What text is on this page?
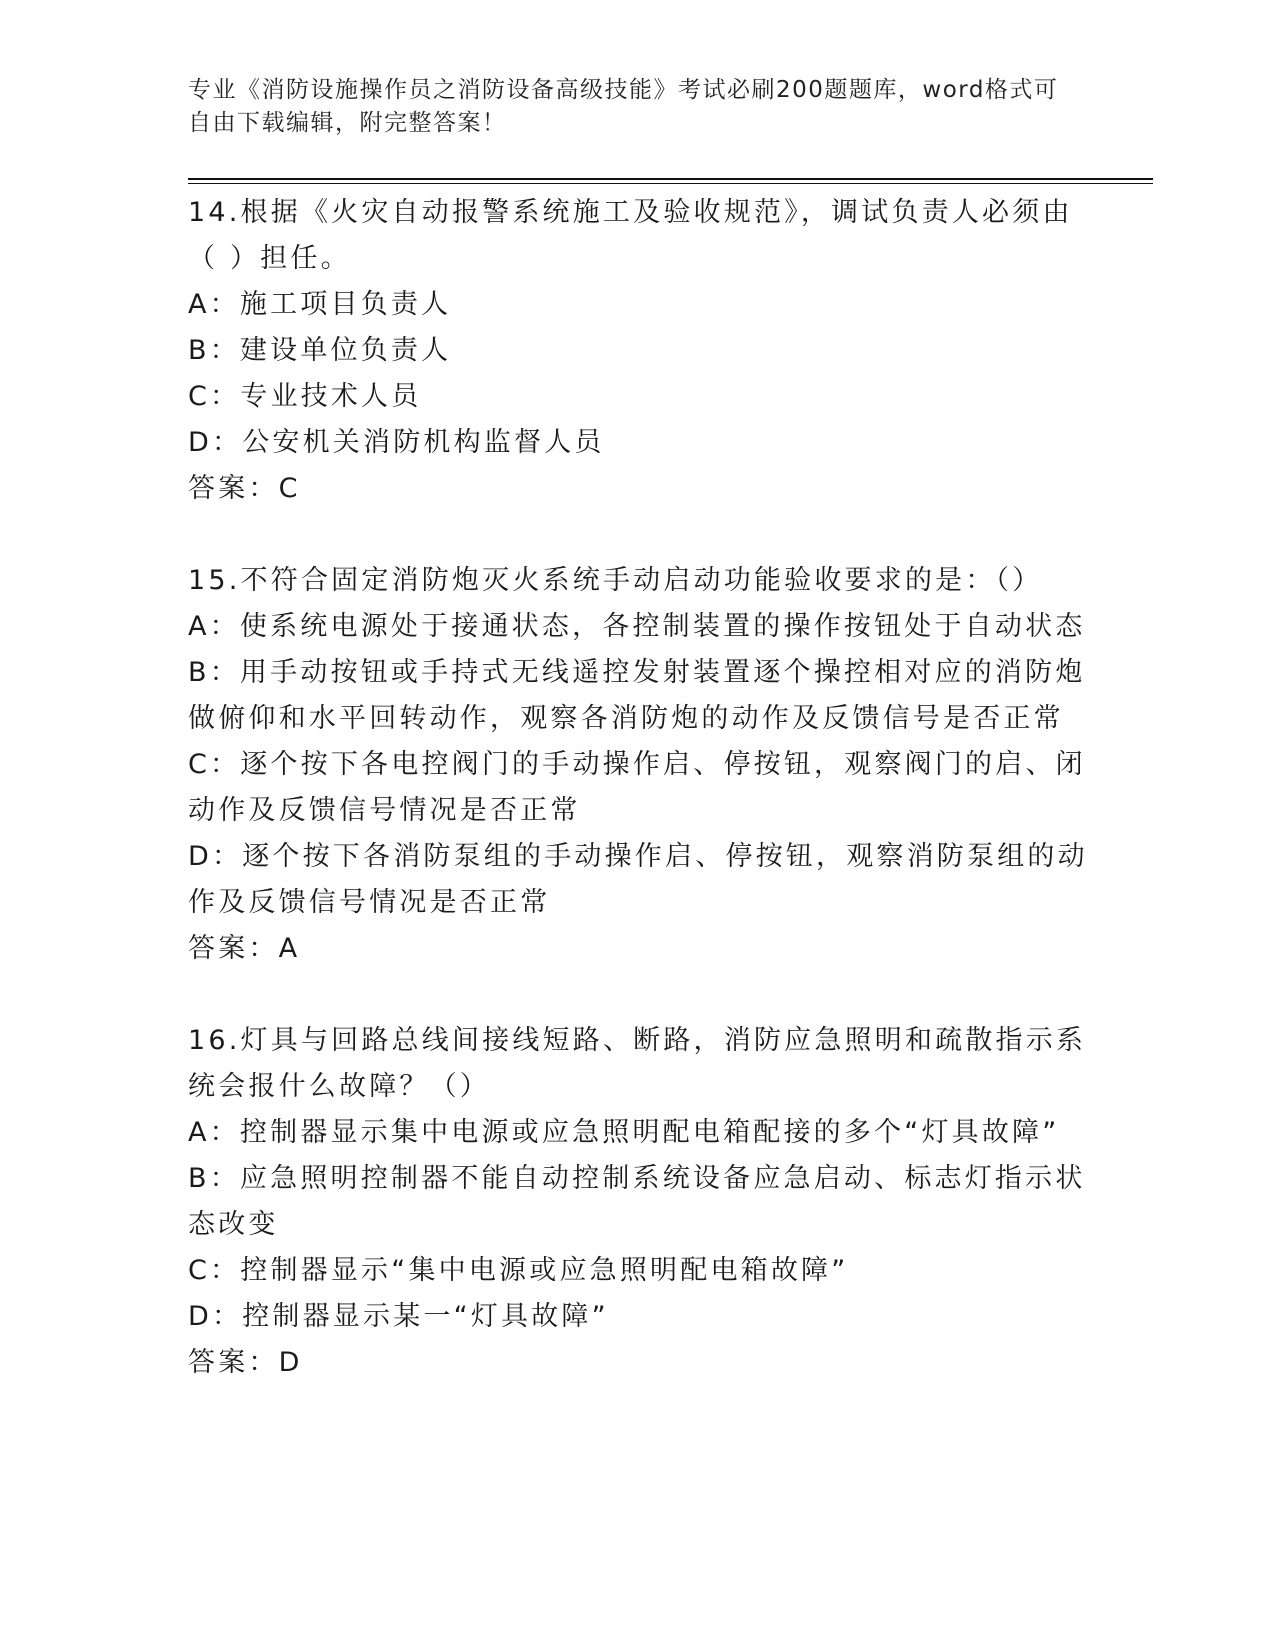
专业《消防设施操作员之消防设备高级技能》考试必刷200题题库，word格式可

自由下载编辑，附完整答案！

14.根据《火灾自动报警系统施工及验收规范》，调试负责人必须由（ ）担任。
A：施工项目负责人
B：建设单位负责人
C：专业技术人员
D：公安机关消防机构监督人员
答案：C
15.不符合固定消防炮灭火系统手动启动功能验收要求的是：（）
A：使系统电源处于接通状态，各控制装置的操作按钮处于自动状态
B：用手动按钮或手持式无线遥控发射装置逐个操控相对应的消防炮做俯仰和水平回转动作，观察各消防炮的动作及反馈信号是否正常
C：逐个按下各电控阀门的手动操作启、停按钮，观察阀门的启、闭动作及反馈信号情况是否正常
D：逐个按下各消防泵组的手动操作启、停按钮，观察消防泵组的动作及反馈信号情况是否正常
答案：A
16.灯具与回路总线间接线短路、断路，消防应急照明和疏散指示系统会报什么故障？（）
A：控制器显示集中电源或应急照明配电箱配接的多个“灯具故障”
B：应急照明控制器不能自动控制系统设备应急启动、标志灯指示状态改变
C：控制器显示“集中电源或应急照明配电箱故障”
D：控制器显示某一“灯具故障”
答案：D
